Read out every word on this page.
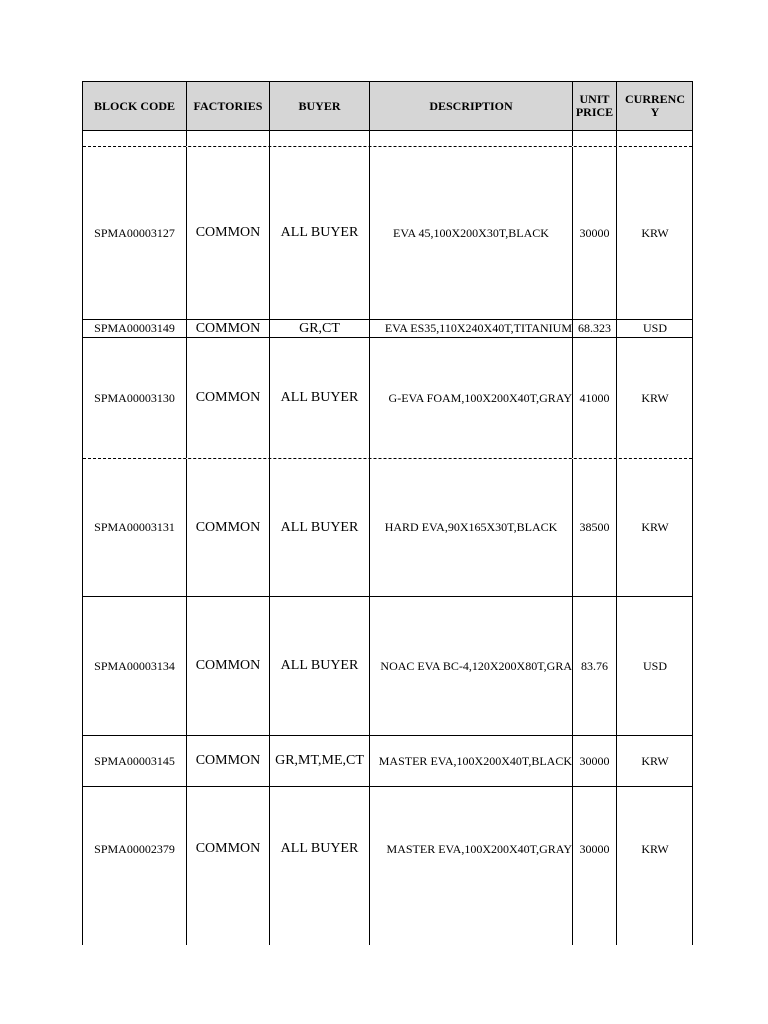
BLOCK CODE	FACTORIES	BUYER	DESCRIPTION	UNIT PRICE
CURRENC Y
SPMA00003127	COMMON	ALL BUYER	EVA 45,100X200X30T,BLACK	30000	KRW
SPMA00003149	COMMON	GR,CT	EVA ES35,110X240X40T,TITANIUM 68.323	USD
SPMA00003130	COMMON	ALL BUYER	G-EVA FOAM,100X200X40T,GRAY 41000	KRW
SPMA00003131	COMMON	ALL BUYER	HARD EVA,90X165X30T,BLACK	38500	KRW
SPMA00003134	COMMON	ALL BUYER	NOAC EVA BC-4,120X200X80T,GRA 83.76	USD
SPMA00003145	COMMON	GR,MT,ME,CT	MASTER EVA,100X200X40T,BLACK 30000	KRW
SPMA00002379	COMMON	ALL BUYER	MASTER EVA,100X200X40T,GRAY 30000	KRW
